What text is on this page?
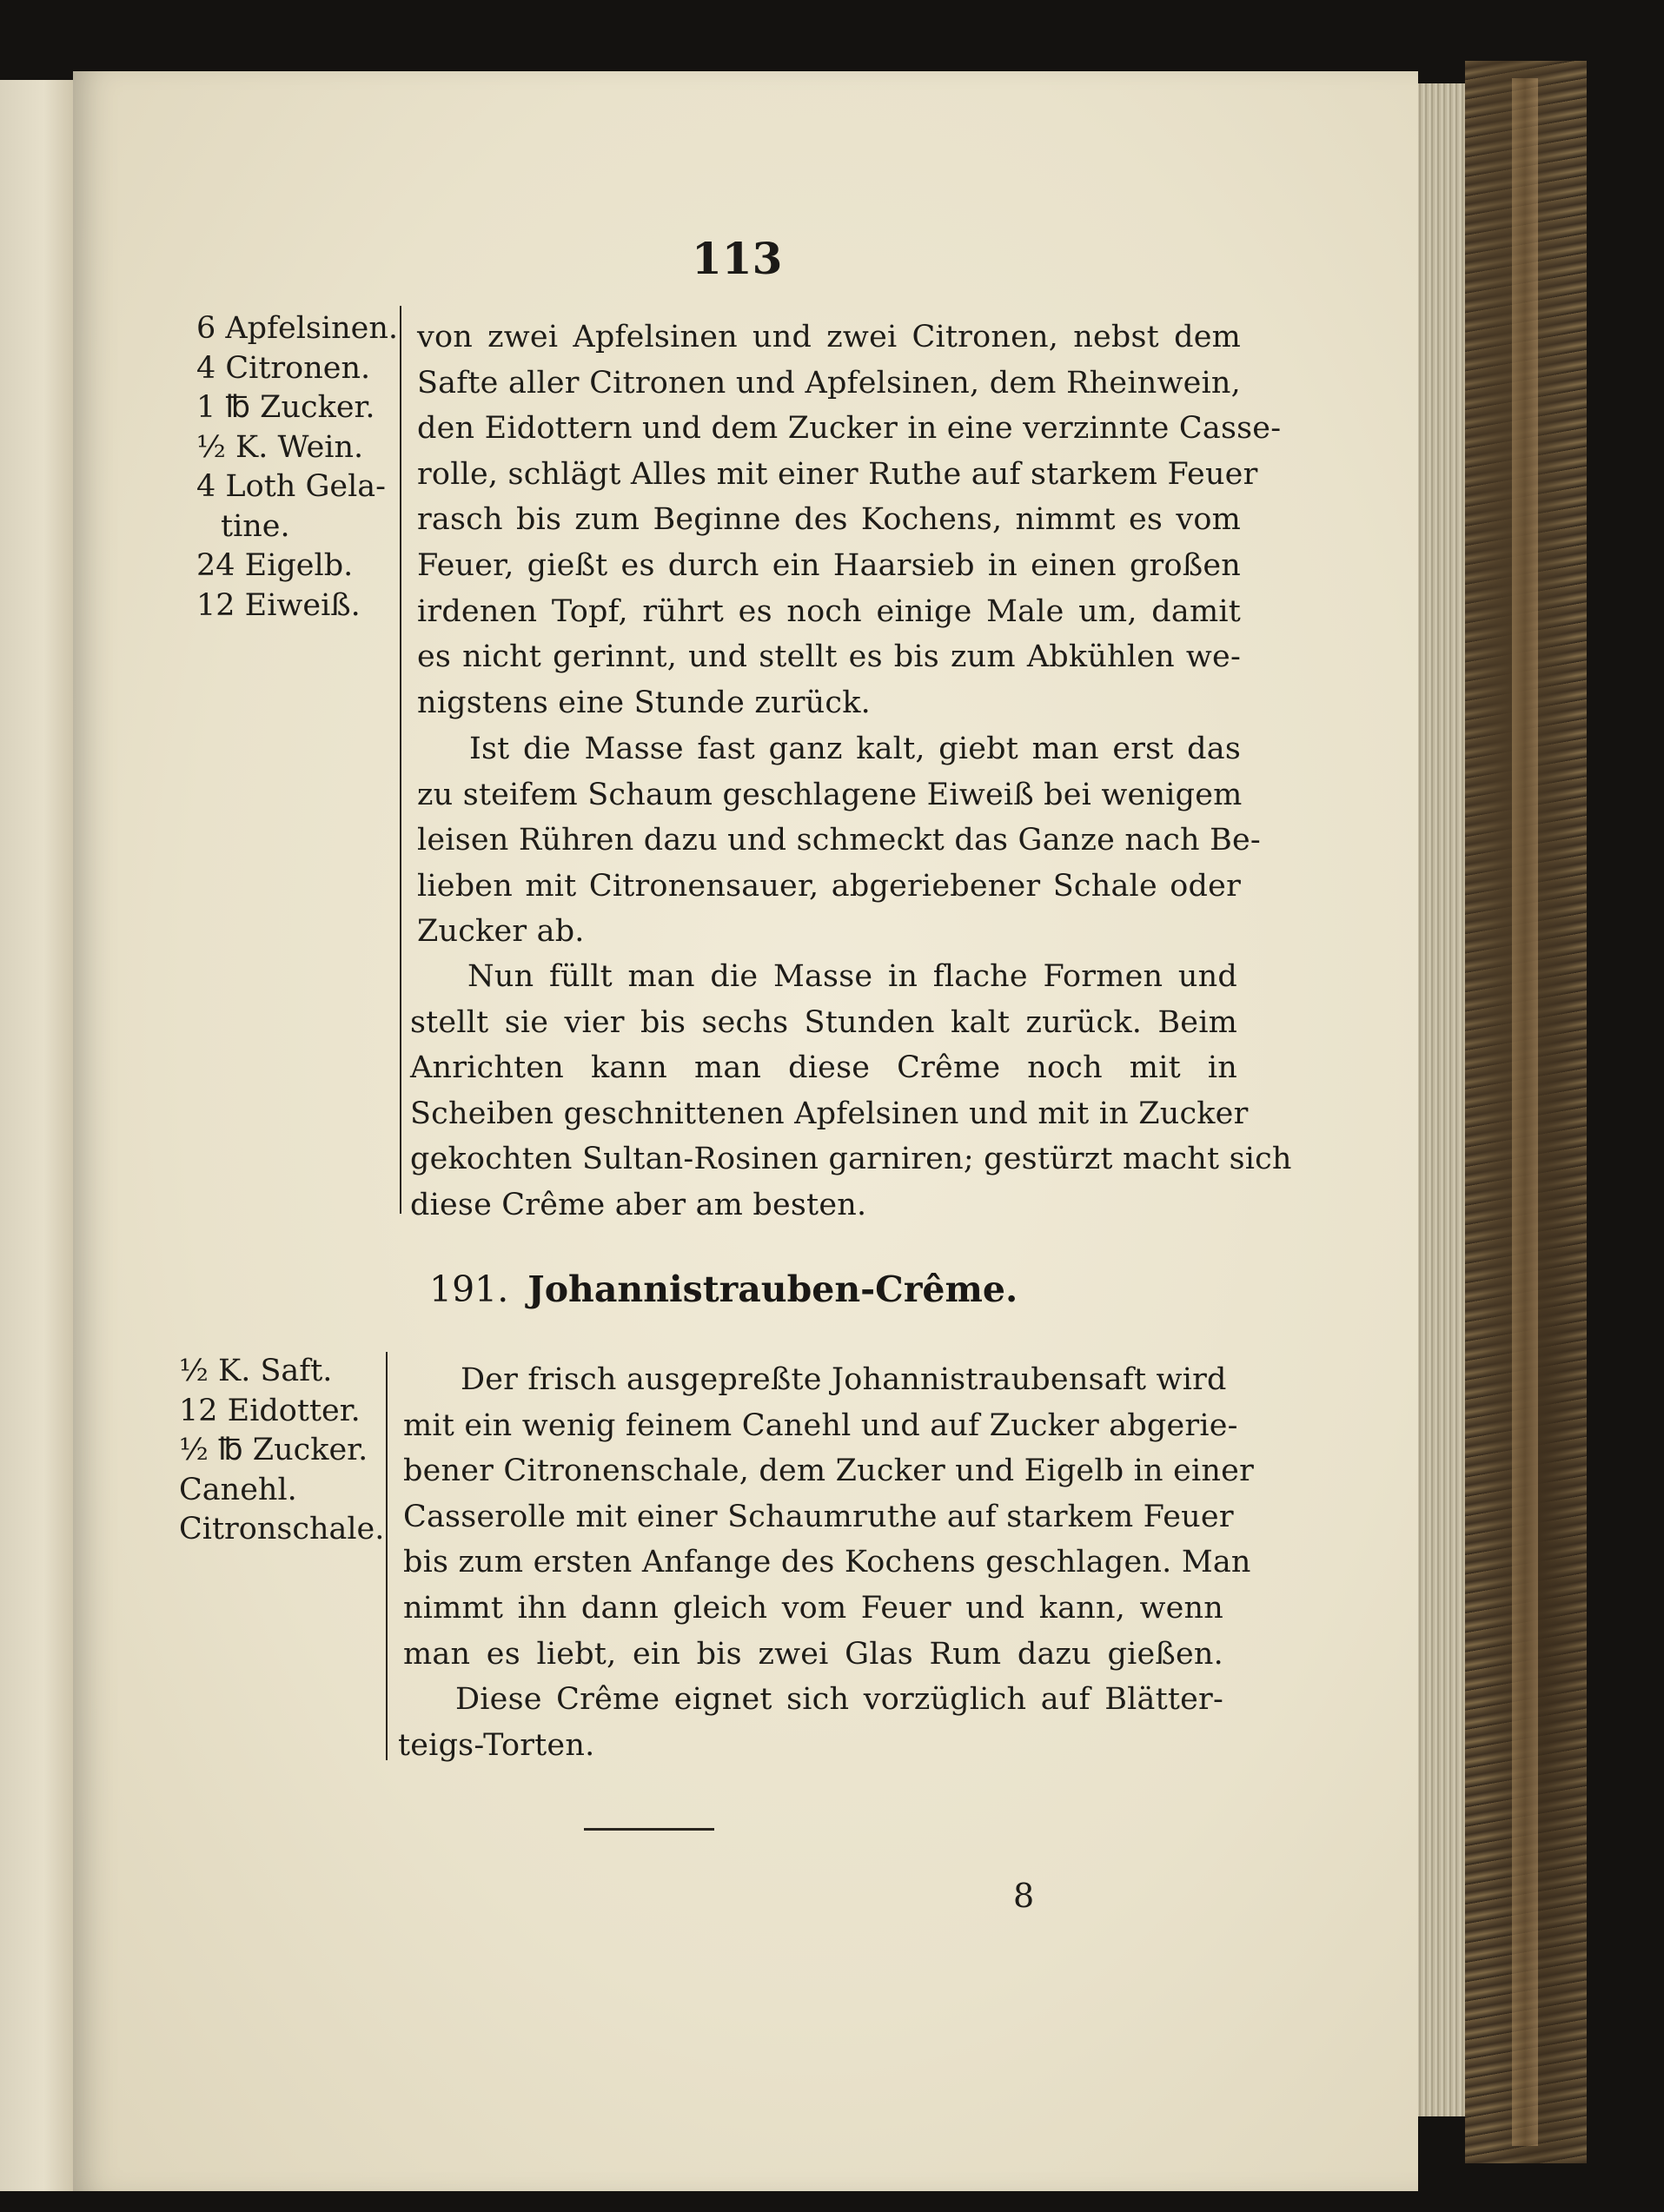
113
6 Apfelsinen.
4 Citronen.
1 ℔ Zucker.
½ K. Wein.
4 Loth Gela-
tine.
24 Eigelb.
12 Eiweiß.
von zwei Apfelsinen und zwei Citronen, nebst dem
Safte aller Citronen und Apfelsinen, dem Rheinwein,
den Eidottern und dem Zucker in eine verzinnte Casse-
rolle, schlägt Alles mit einer Ruthe auf starkem Feuer
rasch bis zum Beginne des Kochens, nimmt es vom
Feuer, gießt es durch ein Haarsieb in einen großen
irdenen Topf, rührt es noch einige Male um, damit
es nicht gerinnt, und stellt es bis zum Abkühlen we-
nigstens eine Stunde zurück.
Ist die Masse fast ganz kalt, giebt man erst das
zu steifem Schaum geschlagene Eiweiß bei wenigem
leisen Rühren dazu und schmeckt das Ganze nach Be-
lieben mit Citronensauer, abgeriebener Schale oder
Zucker ab.
Nun füllt man die Masse in flache Formen und
stellt sie vier bis sechs Stunden kalt zurück. Beim
Anrichten kann man diese Crême noch mit in
Scheiben geschnittenen Apfelsinen und mit in Zucker
gekochten Sultan-Rosinen garniren; gestürzt macht sich
diese Crême aber am besten.
191. Johannistrauben-Crême.
½ K. Saft.
12 Eidotter.
½ ℔ Zucker.
Canehl.
Citronschale.
Der frisch ausgepreßte Johannistraubensaft wird
mit ein wenig feinem Canehl und auf Zucker abgerie-
bener Citronenschale, dem Zucker und Eigelb in einer
Casserolle mit einer Schaumruthe auf starkem Feuer
bis zum ersten Anfange des Kochens geschlagen. Man
nimmt ihn dann gleich vom Feuer und kann, wenn
man es liebt, ein bis zwei Glas Rum dazu gießen.
Diese Crême eignet sich vorzüglich auf Blätter-
teigs-Torten.
8
